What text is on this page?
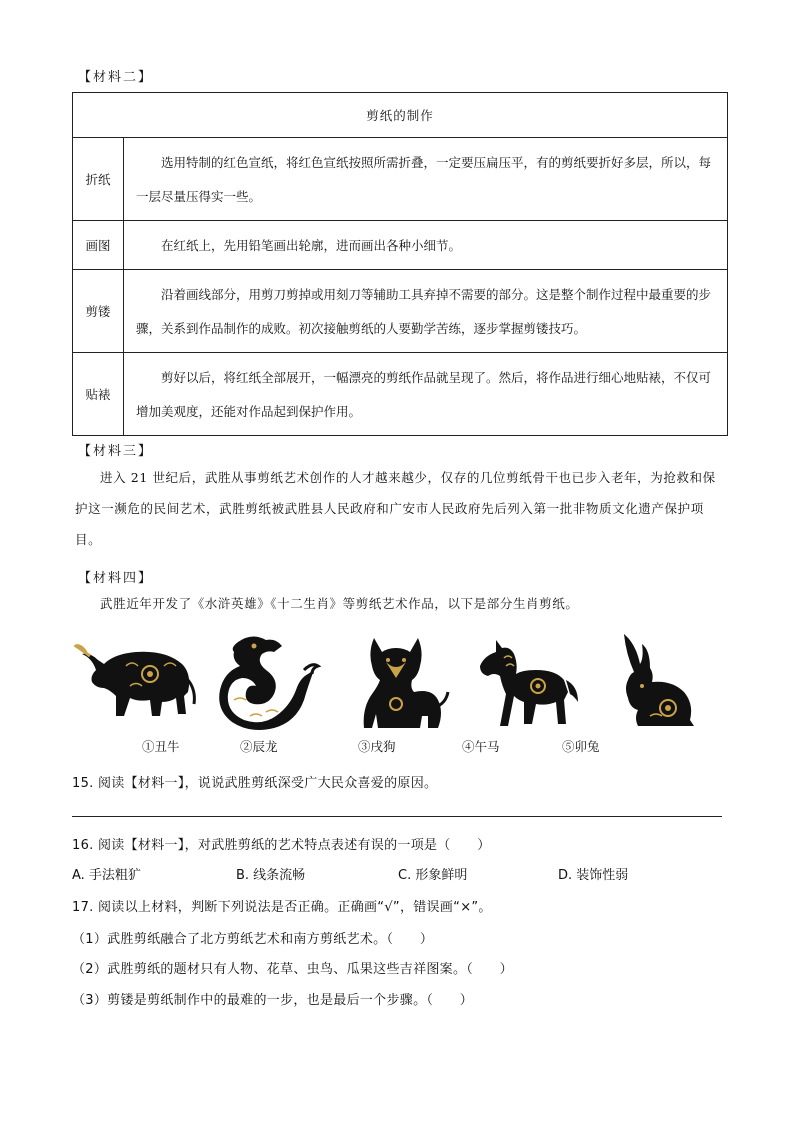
【材料二】
剪纸的制作	
折纸	选用特制的红色宣纸，将红色宣纸按照所需折叠，一定要压扁压平，有的剪纸要折好多层，所以，每一层尽量压得实一些。
画图	在红纸上，先用铅笔画出轮廓，进而画出各种小细节。
剪镂	沿着画线部分，用剪刀剪掉或用刻刀等辅助工具弃掉不需要的部分。这是整个制作过程中最重要的步骤，关系到作品制作的成败。初次接触剪纸的人要勤学苦练，逐步掌握剪镂技巧。
贴裱	剪好以后，将红纸全部展开，一幅漂亮的剪纸作品就呈现了。然后，将作品进行细心地贴裱，不仅可增加美观度，还能对作品起到保护作用。
【材料三】
进入 21 世纪后，武胜从事剪纸艺术创作的人才越来越少，仅存的几位剪纸骨干也已步入老年，为抢救和保护这一濒危的民间艺术，武胜剪纸被武胜县人民政府和广安市人民政府先后列入第一批非物质文化遗产保护项目。
【材料四】
武胜近年开发了《水浒英雄》《十二生肖》等剪纸艺术作品，以下是部分生肖剪纸。
①丑牛	②辰龙	③戌狗	④午马	⑤卯兔
15. 阅读【材料一】，说说武胜剪纸深受广大民众喜爱的原因。
16. 阅读【材料一】，对武胜剪纸的艺术特点表述有误的一项是（　　）
A. 手法粗犷	B. 线条流畅	C. 形象鲜明	D. 装饰性弱
17. 阅读以上材料，判断下列说法是否正确。正确画“√”，错误画“×”。
（1）武胜剪纸融合了北方剪纸艺术和南方剪纸艺术。（　　）
（2）武胜剪纸的题材只有人物、花草、虫鸟、瓜果这些吉祥图案。（　　）
（3）剪镂是剪纸制作中的最难的一步，也是最后一个步骤。（　　）
